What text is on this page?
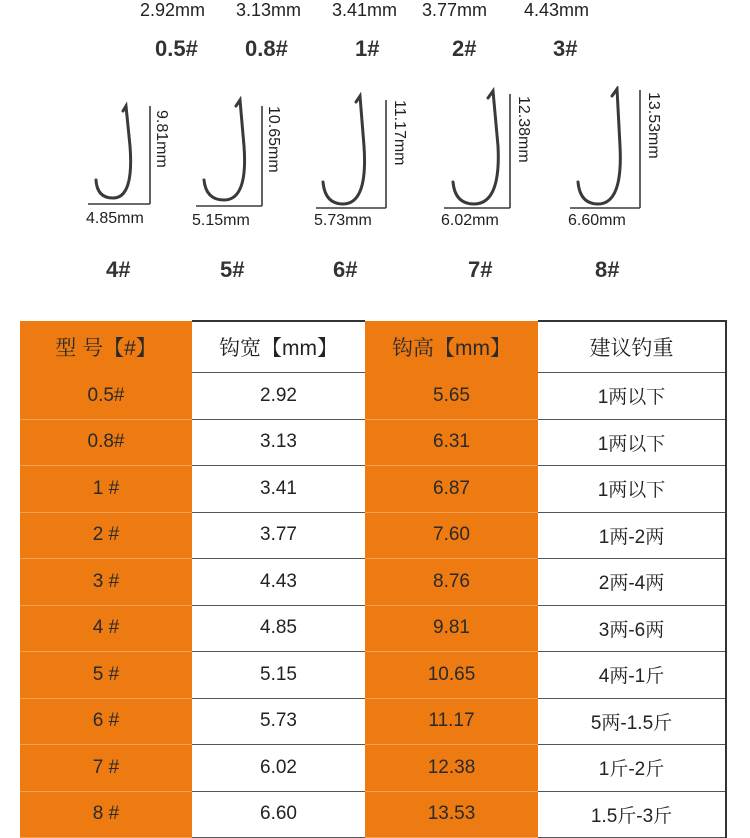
2.92mm 3.13mm 3.41mm 3.77mm 4.43mm
0.5# 0.8#	1#	2#	3#
9.81mm	10.65mm	11.17mm	12.38mm	13.53mm
4.85mm	5.15mm	5.73mm	6.02mm	6.60mm
4#	5#	6#	7#	8#
型 号【#】	钩宽【mm】	钩高【mm】	建议钓重
0.5#	2.92	5.65	1两以下
0.8#	3.13	6.31	1两以下
1 #	3.41	6.87	1两以下
2 #	3.77	7.60	1两-2两
3 #	4.43	8.76	2两-4两
4 #	4.85	9.81	3两-6两
5 #	5.15	10.65	4两-1斤
6 #	5.73	11.17	5两-1.5斤
7 #	6.02	12.38	1斤-2斤
8 #	6.60	13.53	1.5斤-3斤
